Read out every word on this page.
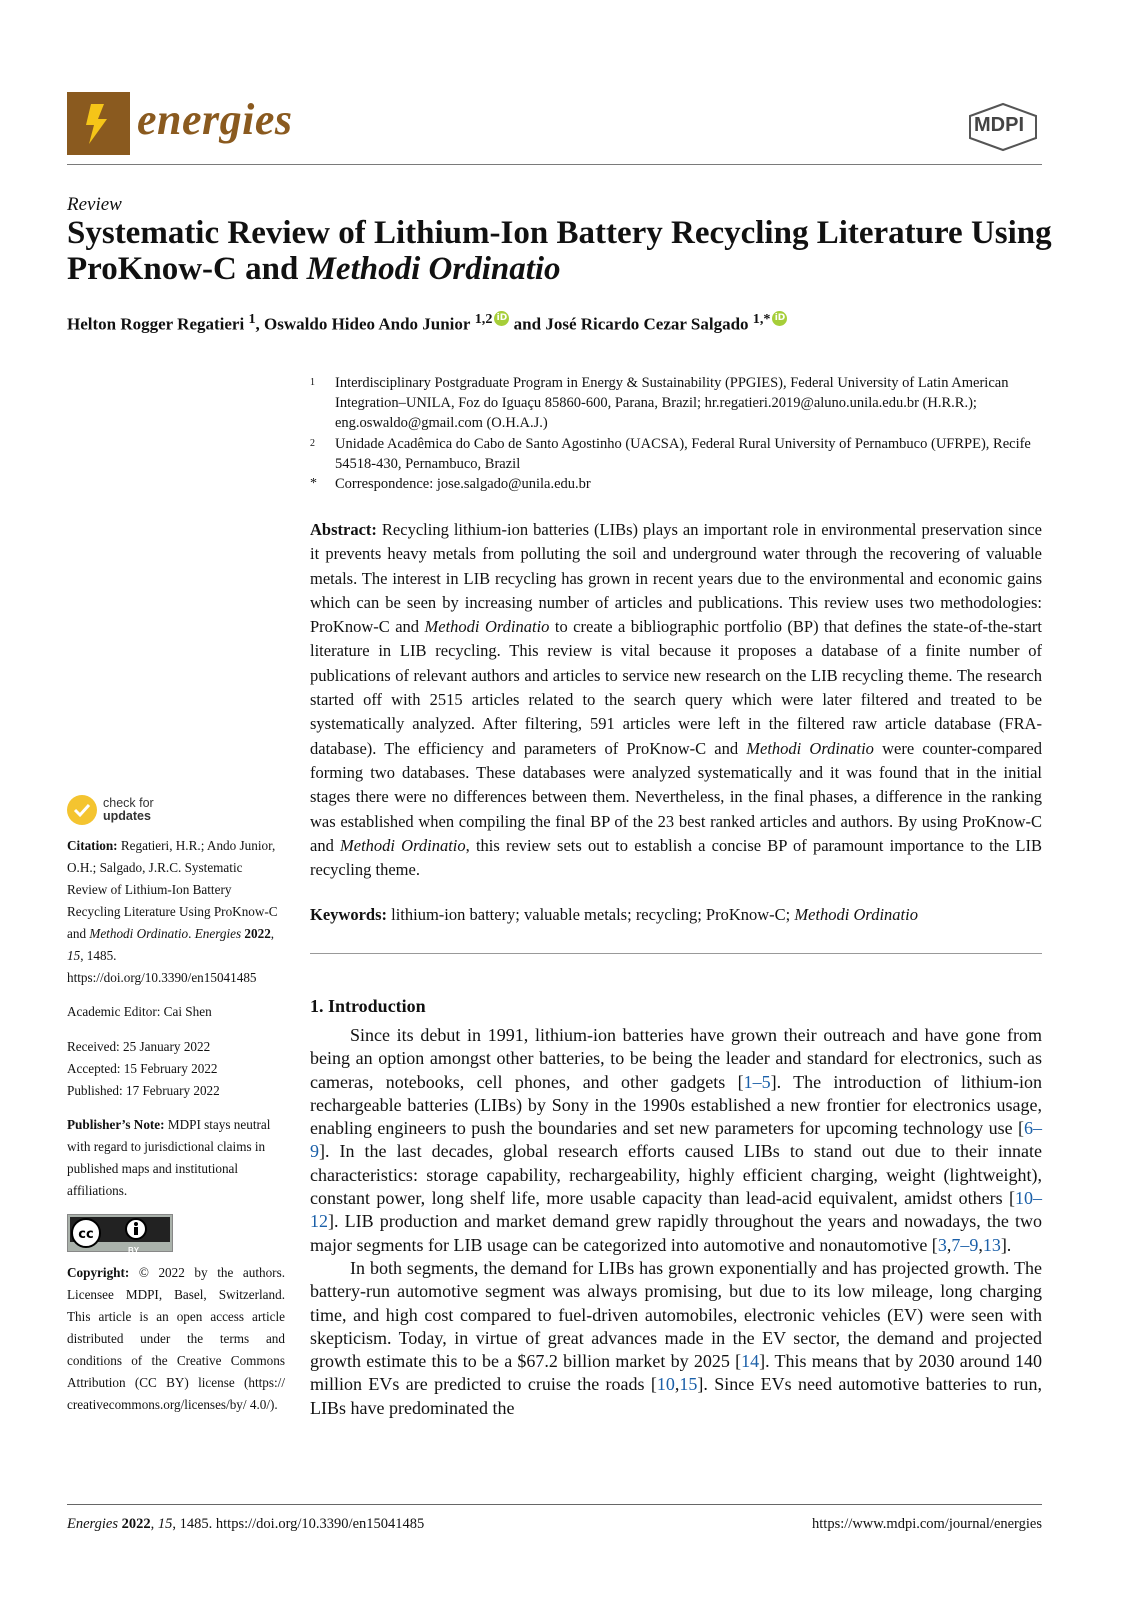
energies	MDPI
Review
Systematic Review of Lithium-Ion Battery Recycling Literature Using ProKnow-C and Methodi Ordinatio
Helton Rogger Regatieri $^1$, Oswaldo Hideo Ando Junior $^{1,2}$ iD and José Ricardo Cezar Salgado $^{1,*}$ iD
1 Interdisciplinary Postgraduate Program in Energy & Sustainability (PPGIES), Federal University of Latin American Integration–UNILA, Foz do Iguaçu 85860-600, Parana, Brazil; hr.regatieri.2019@aluno.unila.edu.br (H.R.R.); eng.oswaldo@gmail.com (O.H.A.J.)
2 Unidade Acadêmica do Cabo de Santo Agostinho (UACSA), Federal Rural University of Pernambuco (UFRPE), Recife 54518-430, Pernambuco, Brazil
* Correspondence: jose.salgado@unila.edu.br
Abstract: Recycling lithium-ion batteries (LIBs) plays an important role in environmental preservation since it prevents heavy metals from polluting the soil and underground water through the recovering of valuable metals. The interest in LIB recycling has grown in recent years due to the environmental and economic gains which can be seen by increasing number of articles and publications. This review uses two methodologies: ProKnow-C and Methodi Ordinatio to create a bibliographic portfolio (BP) that defines the state-of-the-start literature in LIB recycling. This review is vital because it proposes a database of a finite number of publications of relevant authors and articles to service new research on the LIB recycling theme. The research started off with 2515 articles related to the search query which were later filtered and treated to be systematically analyzed. After filtering, 591 articles were left in the filtered raw article database (FRA-database). The efficiency and parameters of ProKnow-C and Methodi Ordinatio were counter-compared forming two databases. These databases were analyzed systematically and it was found that in the initial stages there were no differences between them. Nevertheless, in the final phases, a difference in the ranking was established when compiling the final BP of the 23 best ranked articles and authors. By using ProKnow-C and Methodi Ordinatio, this review sets out to establish a concise BP of paramount importance to the LIB recycling theme.
Keywords: lithium-ion battery; valuable metals; recycling; ProKnow-C; Methodi Ordinatio
1. Introduction

Since its debut in 1991, lithium-ion batteries have grown their outreach and have gone from being an option amongst other batteries, to be being the leader and standard for electronics, such as cameras, notebooks, cell phones, and other gadgets [1–5]. The introduction of lithium-ion rechargeable batteries (LIBs) by Sony in the 1990s established a new frontier for electronics usage, enabling engineers to push the boundaries and set new parameters for upcoming technology use [6–9]. In the last decades, global research efforts caused LIBs to stand out due to their innate characteristics: storage capability, rechargeability, highly efficient charging, weight (lightweight), constant power, long shelf life, more usable capacity than lead-acid equivalent, amidst others [10–12]. LIB production and market demand grew rapidly throughout the years and nowadays, the two major segments for LIB usage can be categorized into automotive and nonautomotive [3,7–9,13].

In both segments, the demand for LIBs has grown exponentially and has projected growth. The battery-run automotive segment was always promising, but due to its low mileage, long charging time, and high cost compared to fuel-driven automobiles, electronic vehicles (EV) were seen with skepticism. Today, in virtue of great advances made in the EV sector, the demand and projected growth estimate this to be a $67.2 billion market by 2025 [14]. This means that by 2030 around 140 million EVs are predicted to cruise the roads [10,15]. Since EVs need automotive batteries to run, LIBs have predominated the

check for
updates

Citation: Regatieri, H.R.; Ando Junior, O.H.; Salgado, J.R.C. Systematic Review of Lithium-Ion Battery Recycling Literature Using ProKnow-C and Methodi Ordinatio. Energies 2022, 15, 1485. https://doi.org/10.3390/en15041485

Academic Editor: Cai Shen

Received: 25 January 2022

Accepted: 15 February 2022

Published: 17 February 2022

Publisher’s Note: MDPI stays neutral with regard to jurisdictional claims in published maps and institutional affiliations.

cc
BY

Copyright: © 2022 by the authors. Licensee MDPI, Basel, Switzerland. This article is an open access article distributed under the terms and conditions of the Creative Commons Attribution (CC BY) license (https:// creativecommons.org/licenses/by/ 4.0/).

Energies 2022, 15, 1485. https://doi.org/10.3390/en15041485	https://www.mdpi.com/journal/energies
